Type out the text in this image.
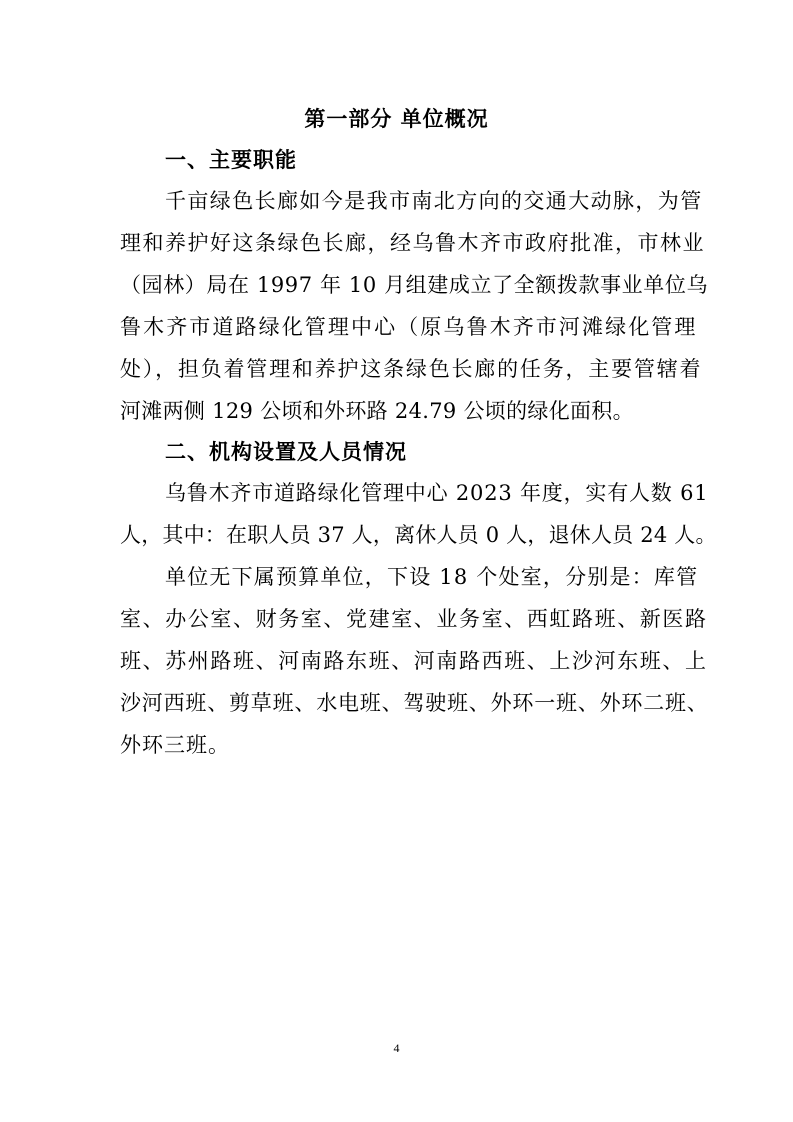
第一部分 单位概况
一、主要职能
千亩绿色长廊如今是我市南北方向的交通大动脉，为管
理和养护好这条绿色长廊，经乌鲁木齐市政府批准，市林业
（园林）局在 1997 年 10 月组建成立了全额拨款事业单位乌
鲁木齐市道路绿化管理中心（原乌鲁木齐市河滩绿化管理
处），担负着管理和养护这条绿色长廊的任务，主要管辖着
河滩两侧 129 公顷和外环路 24.79 公顷的绿化面积。
二、机构设置及人员情况
乌鲁木齐市道路绿化管理中心 2023 年度，实有人数 61
人，其中：在职人员 37 人，离休人员 0 人，退休人员 24 人。
单位无下属预算单位，下设 18 个处室，分别是：库管
室、办公室、财务室、党建室、业务室、西虹路班、新医路
班、苏州路班、河南路东班、河南路西班、上沙河东班、上
沙河西班、剪草班、水电班、驾驶班、外环一班、外环二班、
外环三班。
4
